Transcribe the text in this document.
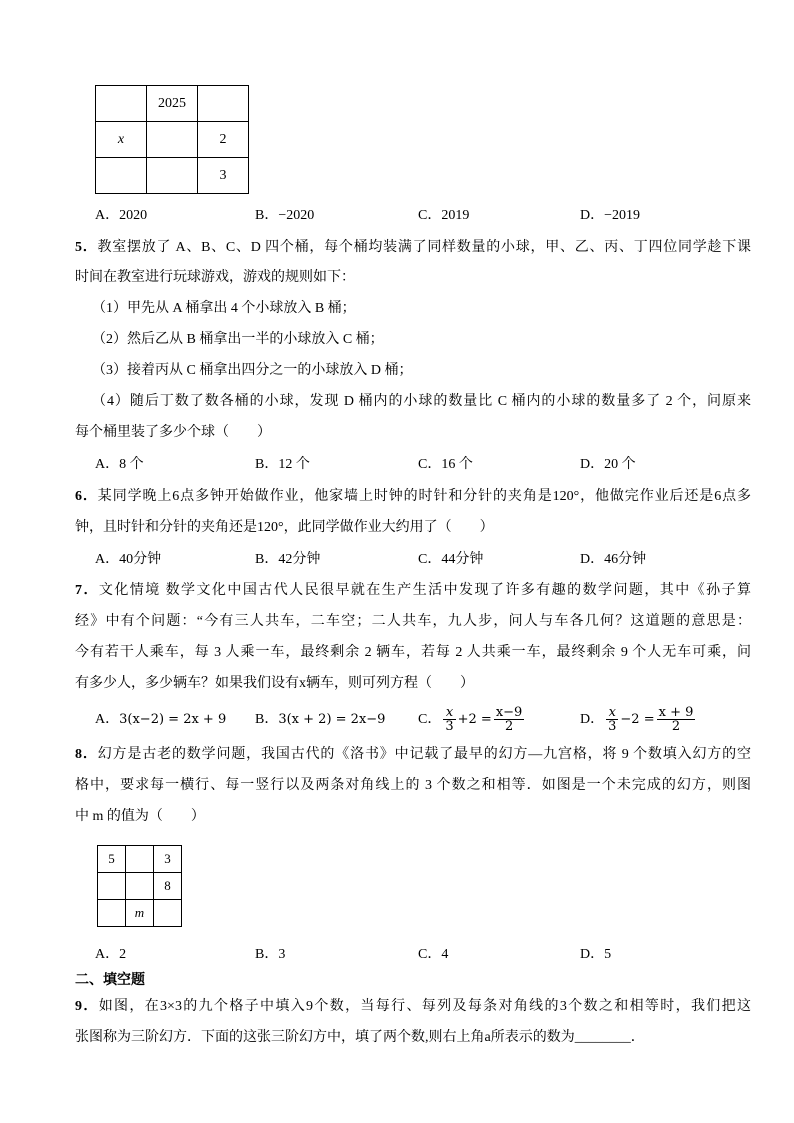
	2025	
x		2
		3
A．2020	B．−2020	C．2019	D．−2019
5．教室摆放了 A、B、C、D 四个桶，每个桶均装满了同样数量的小球，甲、乙、丙、丁四位同学趁下课
时间在教室进行玩球游戏，游戏的规则如下：
（1）甲先从 A 桶拿出 4 个小球放入 B 桶；
（2）然后乙从 B 桶拿出一半的小球放入 C 桶；
（3）接着丙从 C 桶拿出四分之一的小球放入 D 桶；
（4）随后丁数了数各桶的小球，发现 D 桶内的小球的数量比 C 桶内的小球的数量多了 2 个，问原来
每个桶里装了多少个球（　　）
A．8 个	B．12 个	C．16 个	D．20 个
6．某同学晚上6点多钟开始做作业，他家墙上时钟的时针和分针的夹角是120°，他做完作业后还是6点多
钟，且时针和分针的夹角还是120°，此同学做作业大约用了（　　）
A．40分钟	B．42分钟	C．44分钟	D．46分钟
7．文化情境 数学文化中国古代人民很早就在生产生活中发现了许多有趣的数学问题，其中《孙子算
经》中有个问题：“今有三人共车，二车空；二人共车，九人步，问人与车各几何？这道题的意思是：
今有若干人乘车，每 3 人乘一车，最终剩余 2 辆车，若每 2 人共乘一车，最终剩余 9 个人无车可乘，问
有多少人，多少辆车？如果我们设有x辆车，则可列方程（　　）
A．3(x−2) = 2x + 9 B．3(x + 2) = 2x−9 C． $\frac{x}{3} +2 = \frac{x-9}{2}$	D． $\frac{x}{3} -2 = \frac{x + 9}{2}$
8．幻方是古老的数学问题，我国古代的《洛书》中记载了最早的幻方—九宫格，将 9 个数填入幻方的空
格中，要求每一横行、每一竖行以及两条对角线上的 3 个数之和相等．如图是一个未完成的幻方，则图
中 m 的值为（　　）
5		3
		8
	m	
A．2	B．3	C．4	D．5
二、填空题
9．如图，在3×3的九个格子中填入9个数，当每行、每列及每条对角线的3个数之和相等时，我们把这
张图称为三阶幻方．下面的这张三阶幻方中，填了两个数,则右上角a所表示的数为________．
